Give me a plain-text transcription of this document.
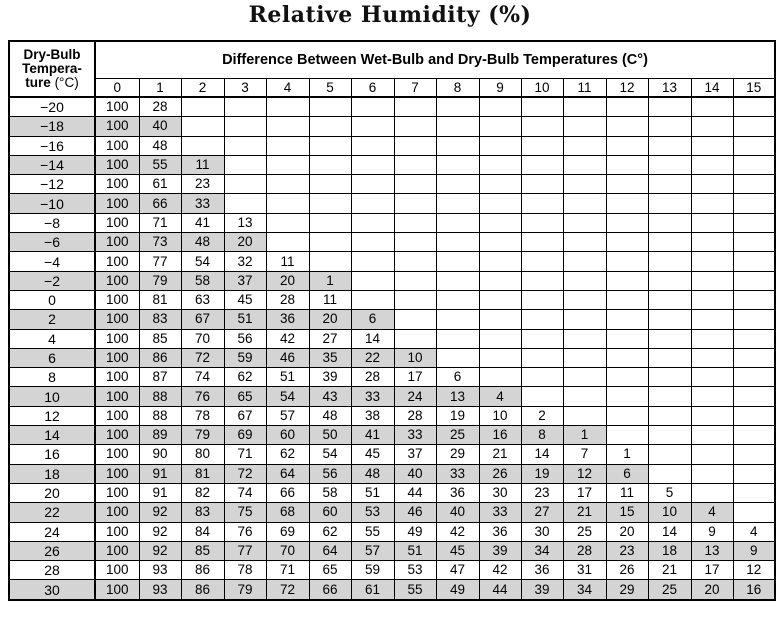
Relative Humidity (%)
Dry-Bulb
Tempera-
ture (°C)	Difference Between Wet-Bulb and Dry-Bulb Temperatures (C°)															
	0	1	2	3	4	5	6	7	8	9	10	11	12	13	14	15
−20	100	28														
−18	100	40														
−16	100	48														
−14	100	55	11													
−12	100	61	23													
−10	100	66	33													
−8	100	71	41	13												
−6	100	73	48	20												
−4	100	77	54	32	11											
−2	100	79	58	37	20	1										
0	100	81	63	45	28	11										
2	100	83	67	51	36	20	6									
4	100	85	70	56	42	27	14									
6	100	86	72	59	46	35	22	10								
8	100	87	74	62	51	39	28	17	6							
10	100	88	76	65	54	43	33	24	13	4						
12	100	88	78	67	57	48	38	28	19	10	2					
14	100	89	79	69	60	50	41	33	25	16	8	1				
16	100	90	80	71	62	54	45	37	29	21	14	7	1			
18	100	91	81	72	64	56	48	40	33	26	19	12	6			
20	100	91	82	74	66	58	51	44	36	30	23	17	11	5		
22	100	92	83	75	68	60	53	46	40	33	27	21	15	10	4	
24	100	92	84	76	69	62	55	49	42	36	30	25	20	14	9	4
26	100	92	85	77	70	64	57	51	45	39	34	28	23	18	13	9
28	100	93	86	78	71	65	59	53	47	42	36	31	26	21	17	12
30	100	93	86	79	72	66	61	55	49	44	39	34	29	25	20	16
